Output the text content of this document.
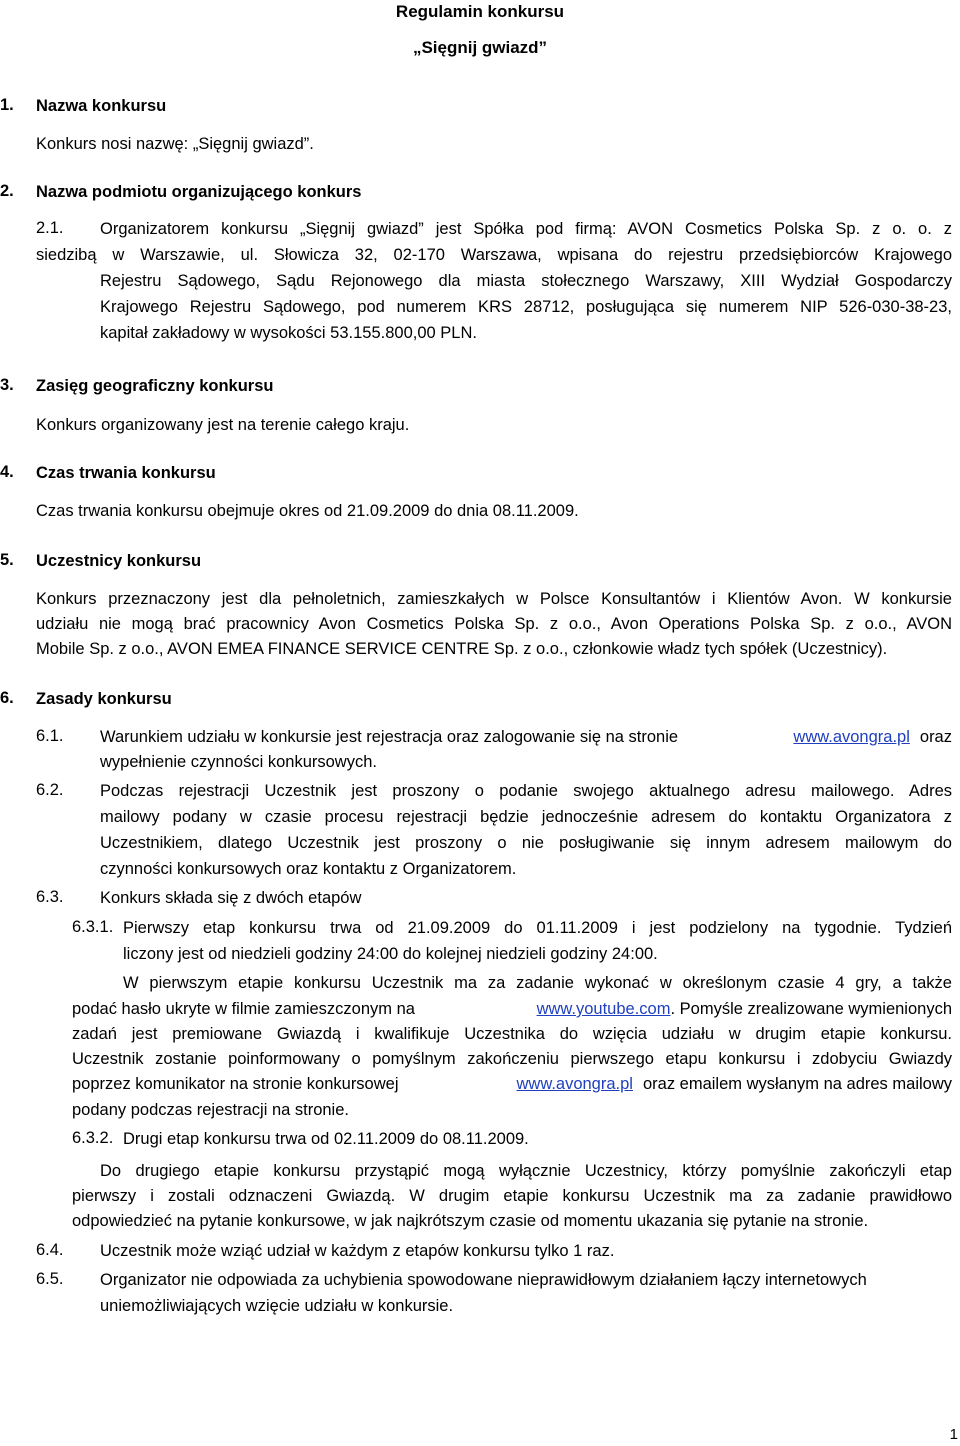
Regulamin konkursu
„Sięgnij gwiazd”
1. Nazwa konkursu
Konkurs nosi nazwę: „Sięgnij gwiazd”.
2. Nazwa podmiotu organizującego konkurs
2.1. Organizatorem konkursu „Sięgnij gwiazd” jest Spółka pod firmą: AVON Cosmetics Polska Sp. z o. o. z
siedzibą w Warszawie, ul. Słowicza 32, 02-170 Warszawa, wpisana do rejestru przedsiębiorców Krajowego
Rejestru Sądowego, Sądu Rejonowego dla miasta stołecznego Warszawy, XIII Wydział Gospodarczy
Krajowego Rejestru Sądowego, pod numerem KRS 28712, posługująca się numerem NIP 526-030-38-23,
kapitał zakładowy w wysokości 53.155.800,00 PLN.
3. Zasięg geograficzny konkursu
Konkurs organizowany jest na terenie całego kraju.
4. Czas trwania konkursu
Czas trwania konkursu obejmuje okres od 21.09.2009 do dnia 08.11.2009.
5. Uczestnicy konkursu
Konkurs przeznaczony jest dla pełnoletnich, zamieszkałych w Polsce Konsultantów i Klientów Avon. W konkursie
udziału nie mogą brać pracownicy Avon Cosmetics Polska Sp. z o.o., Avon Operations Polska Sp. z o.o., AVON
Mobile Sp. z o.o., AVON EMEA FINANCE SERVICE CENTRE Sp. z o.o., członkowie władz tych spółek (Uczestnicy).
6. Zasady konkursu
6.1. Warunkiem udziału w konkursie jest rejestracja oraz zalogowanie się na stronie	www.avongra.pl oraz
wypełnienie czynności konkursowych.
6.2. Podczas rejestracji Uczestnik jest proszony o podanie swojego aktualnego adresu mailowego. Adres
mailowy podany w czasie procesu rejestracji będzie jednocześnie adresem do kontaktu Organizatora z
Uczestnikiem, dlatego Uczestnik jest proszony o nie posługiwanie się innym adresem mailowym do
czynności konkursowych oraz kontaktu z Organizatorem.
6.3. Konkurs składa się z dwóch etapów
6.3.1. Pierwszy etap konkursu trwa od 21.09.2009 do 01.11.2009 i jest podzielony na tygodnie. Tydzień
liczony jest od niedzieli godziny 24:00 do kolejnej niedzieli godziny 24:00.
W pierwszym etapie konkursu Uczestnik ma za zadanie wykonać w określonym czasie 4 gry, a także
podać hasło ukryte w filmie zamieszczonym na	www.youtube.com . Pomyśle zrealizowane wymienionych
zadań jest premiowane Gwiazdą i kwalifikuje Uczestnika do wzięcia udziału w drugim etapie konkursu.
Uczestnik zostanie poinformowany o pomyślnym zakończeniu pierwszego etapu konkursu i zdobyciu Gwiazdy
poprzez komunikator na stronie konkursowej	www.avongra.pl oraz emailem wysłanym na adres mailowy
podany podczas rejestracji na stronie.
6.3.2. Drugi etap konkursu trwa od 02.11.2009 do 08.11.2009.
Do drugiego etapie konkursu przystąpić mogą wyłącznie Uczestnicy, którzy pomyślnie zakończyli etap
pierwszy i zostali odznaczeni Gwiazdą. W drugim etapie konkursu Uczestnik ma za zadanie prawidłowo
odpowiedzieć na pytanie konkursowe, w jak najkrótszym czasie od momentu ukazania się pytanie na stronie.
6.4. Uczestnik może wziąć udział w każdym z etapów konkursu tylko 1 raz.
6.5. Organizator nie odpowiada za uchybienia spowodowane nieprawidłowym działaniem łączy internetowych
uniemożliwiających wzięcie udziału w konkursie.
1
